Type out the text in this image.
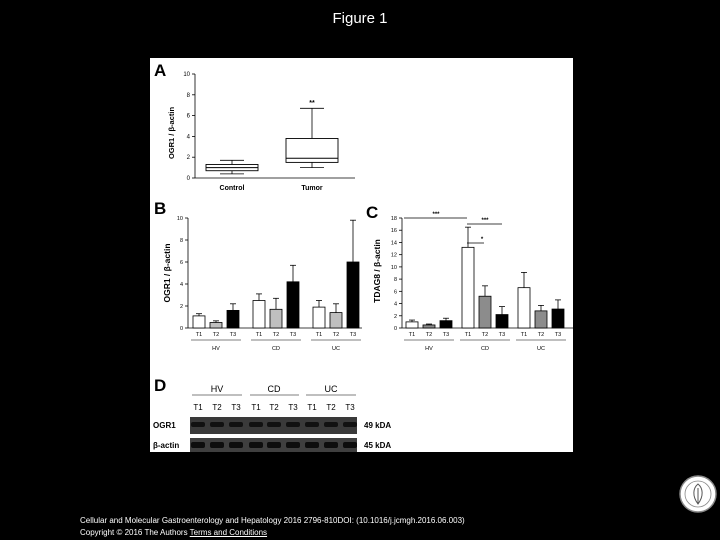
Figure 1
A
OGR1 / β-actin
0
2
4
6
8
10
Control	Tumor
**
B
OGR1 / β-actin
0
2
4
6
8
10
T1 T2 T3	T1 T2 T3	T1 T2 T3
HV	CD	UC
C
TDAG8 / β-actin
0
2
4
6
8
10
12
14
16
18
T1 T2 T3	T1 T2 T3	T1 T2 T3
HV	CD	UC
***
***
*
D	HV	CD	UC
T1 T2 T3 T1 T2 T3 T1 T2 T3
OGR1
β-actin
49 kDA
45 kDA
Cellular and Molecular Gastroenterology and Hepatology 2016 2796-810DOI: (10.1016/j.jcmgh.2016.06.003)
Copyright © 2016 The Authors Terms and Conditions
